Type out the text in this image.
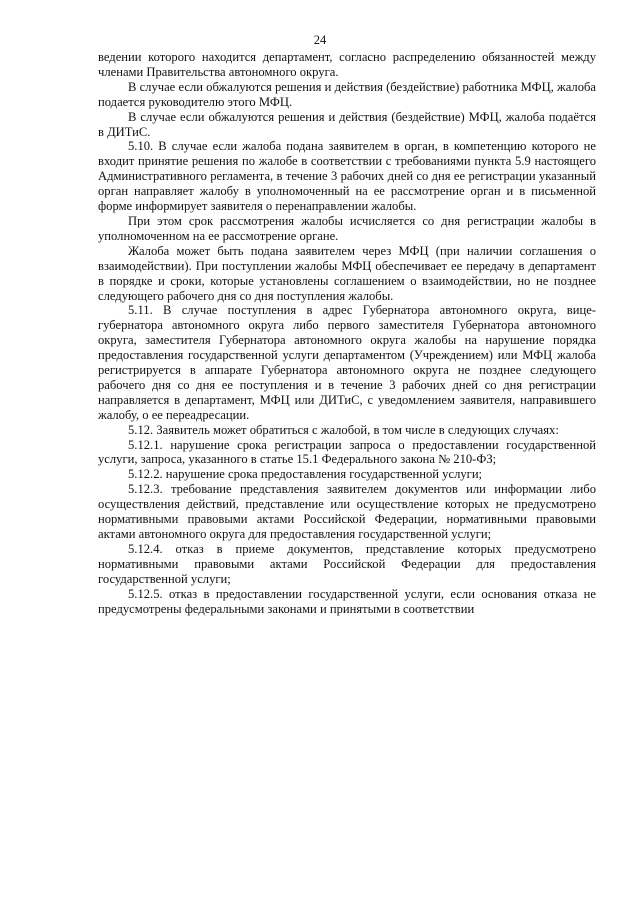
24

ведении которого находится департамент, согласно распределению обязанностей между членами Правительства автономного округа.

В случае если обжалуются решения и действия (бездействие) работника МФЦ, жалоба подается руководителю этого МФЦ.

В случае если обжалуются решения и действия (бездействие) МФЦ, жалоба подаётся в ДИТиС.

5.10. В случае если жалоба подана заявителем в орган, в компетенцию которого не входит принятие решения по жалобе в соответствии с требованиями пункта 5.9 настоящего Административного регламента, в течение 3 рабочих дней со дня ее регистрации указанный орган направляет жалобу в уполномоченный на ее рассмотрение орган и в письменной форме информирует заявителя о перенаправлении жалобы.

При этом срок рассмотрения жалобы исчисляется со дня регистрации жалобы в уполномоченном на ее рассмотрение органе.

Жалоба может быть подана заявителем через МФЦ (при наличии соглашения о взаимодействии). При поступлении жалобы МФЦ обеспечивает ее передачу в департамент в порядке и сроки, которые установлены соглашением о взаимодействии, но не позднее следующего рабочего дня со дня поступления жалобы.

5.11. В случае поступления в адрес Губернатора автономного округа, вице-губернатора автономного округа либо первого заместителя Губернатора автономного округа, заместителя Губернатора автономного округа жалобы на нарушение порядка предоставления государственной услуги департаментом (Учреждением) или МФЦ жалоба регистрируется в аппарате Губернатора автономного округа не позднее следующего рабочего дня со дня ее поступления и в течение 3 рабочих дней со дня регистрации направляется в департамент, МФЦ или ДИТиС, с уведомлением заявителя, направившего жалобу, о ее переадресации.

5.12. Заявитель может обратиться с жалобой, в том числе в следующих случаях:

5.12.1. нарушение срока регистрации запроса о предоставлении государственной услуги, запроса, указанного в статье 15.1 Федерального закона № 210-ФЗ;

5.12.2. нарушение срока предоставления государственной услуги;

5.12.3. требование представления заявителем документов или информации либо осуществления действий, представление или осуществление которых не предусмотрено нормативными правовыми актами Российской Федерации, нормативными правовыми актами автономного округа для предоставления государственной услуги;

5.12.4. отказ в приеме документов, представление которых предусмотрено нормативными правовыми актами Российской Федерации для предоставления государственной услуги;

5.12.5. отказ в предоставлении государственной услуги, если основания отказа не предусмотрены федеральными законами и принятыми в соответствии
